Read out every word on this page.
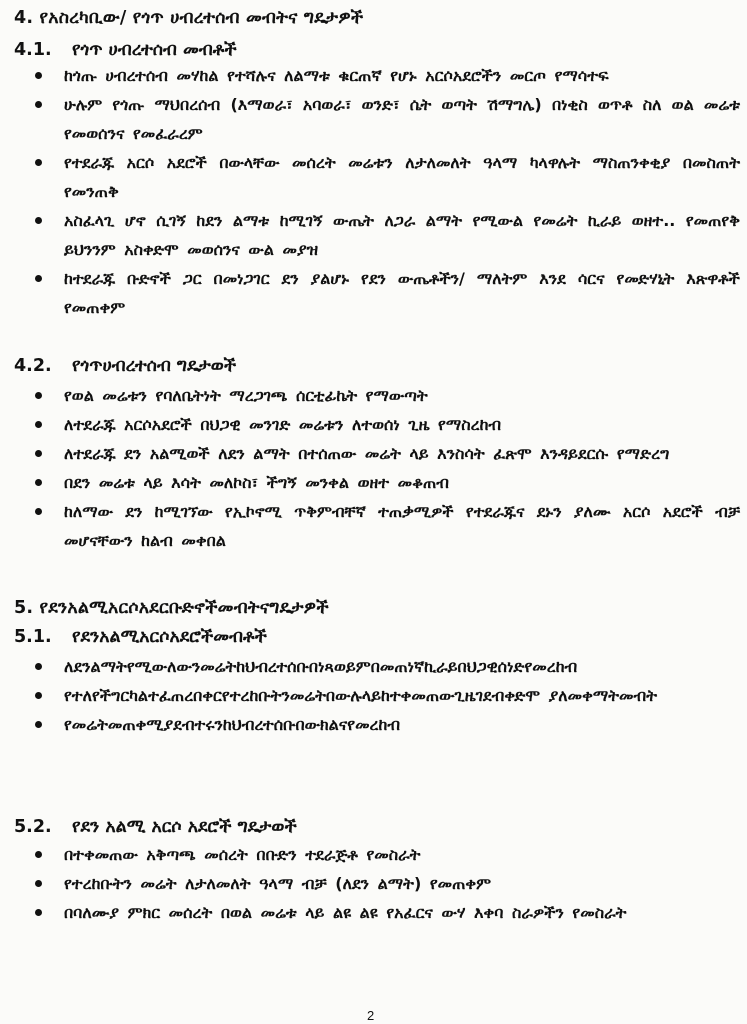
4. የአስረካቢው/ የጎጥ ሀብረተሰብ መብትና ግዴታዎች
4.1. የጎጥ ሀብረተሰብ መብቶች
ከጎጡ ሀብረተሰብ መሃከል የተሻሉና ለልማቱ ቁርጠኛ የሆኑ አርሶአደሮችን መርጦ የማሳተፍ
ሁሉም የጎጡ ማህበረሰብ (እማወራ፣ አባወራ፣ ወንድ፣ ሴት ወጣት ሽማግሌ) በነቂስ ወጥቶ ስለ ወል መሬቱ የመወሰንና የመፈራረም
የተደራጁ አርሶ አደሮች በውላቸው መሰረት መሬቱን ለታለመለት ዓላማ ካላዋሉት ማስጠንቀቂያ በመስጠት የመንጠቅ
አስፈላጊ ሆኖ ሲገኝ ከደን ልማቱ ከሚገኝ ውጤት ለጋራ ልማት የሚውል የመሬት ኪራይ ወዘተ.. የመጠየቅ ይህንንም አስቀድሞ መወሰንና ውል መያዝ
ከተደራጁ ቡድኖች ጋር በመነጋገር ደን ያልሆኑ የደን ውጤቶችን/ ማለትም እንደ ሳርና የመድሃኒት እጽዋቶች የመጠቀም
4.2. የጎጥሀብረተሰብ ግዴታወች
የወል መሬቱን የባለቤትነት ማረጋገጫ ሰርቲፊኬት የማውጣት
ለተደራጁ አርሶአደሮች በህጋዊ መንገድ መሬቱን ለተወሰነ ጊዜ የማስረከብ
ለተደራጁ ደን አልሚወች ለደን ልማት በተሰጠው መሬት ላይ እንስሳት ፈጽሞ እንዳይደርሱ የማድረግ
በደን መሬቱ ላይ እሳት መለኮስ፣ ችግኝ መንቀል ወዘተ መቆጠብ
ከለማው ደን ከሚገኘው የኢኮኖሚ ጥቅምብቸኛ ተጠቃሚዎች የተደራጁና ደኑን ያለሙ አርሶ አደሮች ብቻ መሆናቸውን ከልብ መቀበል
5. የደንአልሚአርሶአደርቡድኖችመብትናግዴታዎች
5.1. የደንአልሚአርሶአደሮችመብቶች
ለደንልማትየሚውለውንመሬትከህብረተሰቡበነጻወይምበመጠነኛኪራይበህጋዊሰነድየመረከብ
የተለየችግርካልተፈጠረበቀርየተረከቡትንመሬትበውሉላይከተቀመጠውጊዜገደብቀድሞ ያለመቀማትመብት
የመሬትመጠቀሚያደብተሩንከህብረተሰቡበውክልናየመረከብ
5.2. የደን አልሚ አርሶ አደሮች ግዴታወች
በተቀመጠው አቅጣጫ መሰረት በቡድን ተደራጅቶ የመስራት
የተረከቡትን መሬት ለታለመለት ዓላማ ብቻ (ለደን ልማት) የመጠቀም
በባለሙያ ምክር መሰረት በወል መሬቱ ላይ ልዩ ልዩ የአፈርና ውሃ እቀባ ስራዎችን የመስራት
2
